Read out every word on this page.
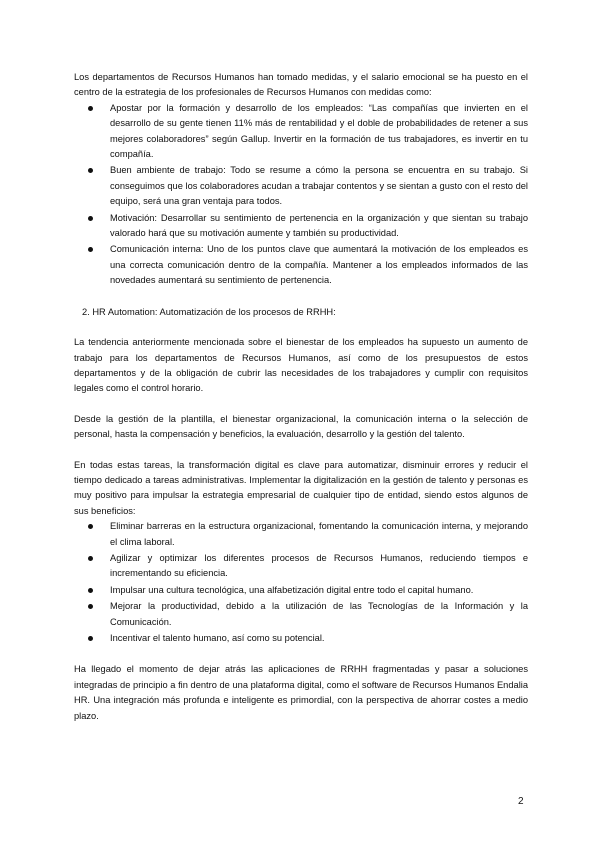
Los departamentos de Recursos Humanos han tomado medidas, y el salario emocional se ha puesto en el centro de la estrategia de los profesionales de Recursos Humanos con medidas como:

Apostar por la formación y desarrollo de los empleados: “Las compañías que invierten en el desarrollo de su gente tienen 11% más de rentabilidad y el doble de probabilidades de retener a sus mejores colaboradores” según Gallup. Invertir en la formación de tus trabajadores, es invertir en tu compañía.
Buen ambiente de trabajo: Todo se resume a cómo la persona se encuentra en su trabajo. Si conseguimos que los colaboradores acudan a trabajar contentos y se sientan a gusto con el resto del equipo, será una gran ventaja para todos.
Motivación: Desarrollar su sentimiento de pertenencia en la organización y que sientan su trabajo valorado hará que su motivación aumente y también su productividad.
Comunicación interna: Uno de los puntos clave que aumentará la motivación de los empleados es una correcta comunicación dentro de la compañía. Mantener a los empleados informados de las novedades aumentará su sentimiento de pertenencia.

2. HR Automation: Automatización de los procesos de RRHH:

La tendencia anteriormente mencionada sobre el bienestar de los empleados ha supuesto un aumento de trabajo para los departamentos de Recursos Humanos, así como de los presupuestos de estos departamentos y de la obligación de cubrir las necesidades de los trabajadores y cumplir con requisitos legales como el control horario.

Desde la gestión de la plantilla, el bienestar organizacional, la comunicación interna o la selección de personal, hasta la compensación y beneficios, la evaluación, desarrollo y la gestión del talento.

En todas estas tareas, la transformación digital es clave para automatizar, disminuir errores y reducir el tiempo dedicado a tareas administrativas. Implementar la digitalización en la gestión de talento y personas es muy positivo para impulsar la estrategia empresarial de cualquier tipo de entidad, siendo estos algunos de sus beneficios:

Eliminar barreras en la estructura organizacional, fomentando la comunicación interna, y mejorando el clima laboral.
Agilizar y optimizar los diferentes procesos de Recursos Humanos, reduciendo tiempos e incrementando su eficiencia.
Impulsar una cultura tecnológica, una alfabetización digital entre todo el capital humano.
Mejorar la productividad, debido a la utilización de las Tecnologías de la Información y la Comunicación.
Incentivar el talento humano, así como su potencial.

Ha llegado el momento de dejar atrás las aplicaciones de RRHH fragmentadas y pasar a soluciones integradas de principio a fin dentro de una plataforma digital, como el software de Recursos Humanos Endalia HR. Una integración más profunda e inteligente es primordial, con la perspectiva de ahorrar costes a medio plazo.

2
